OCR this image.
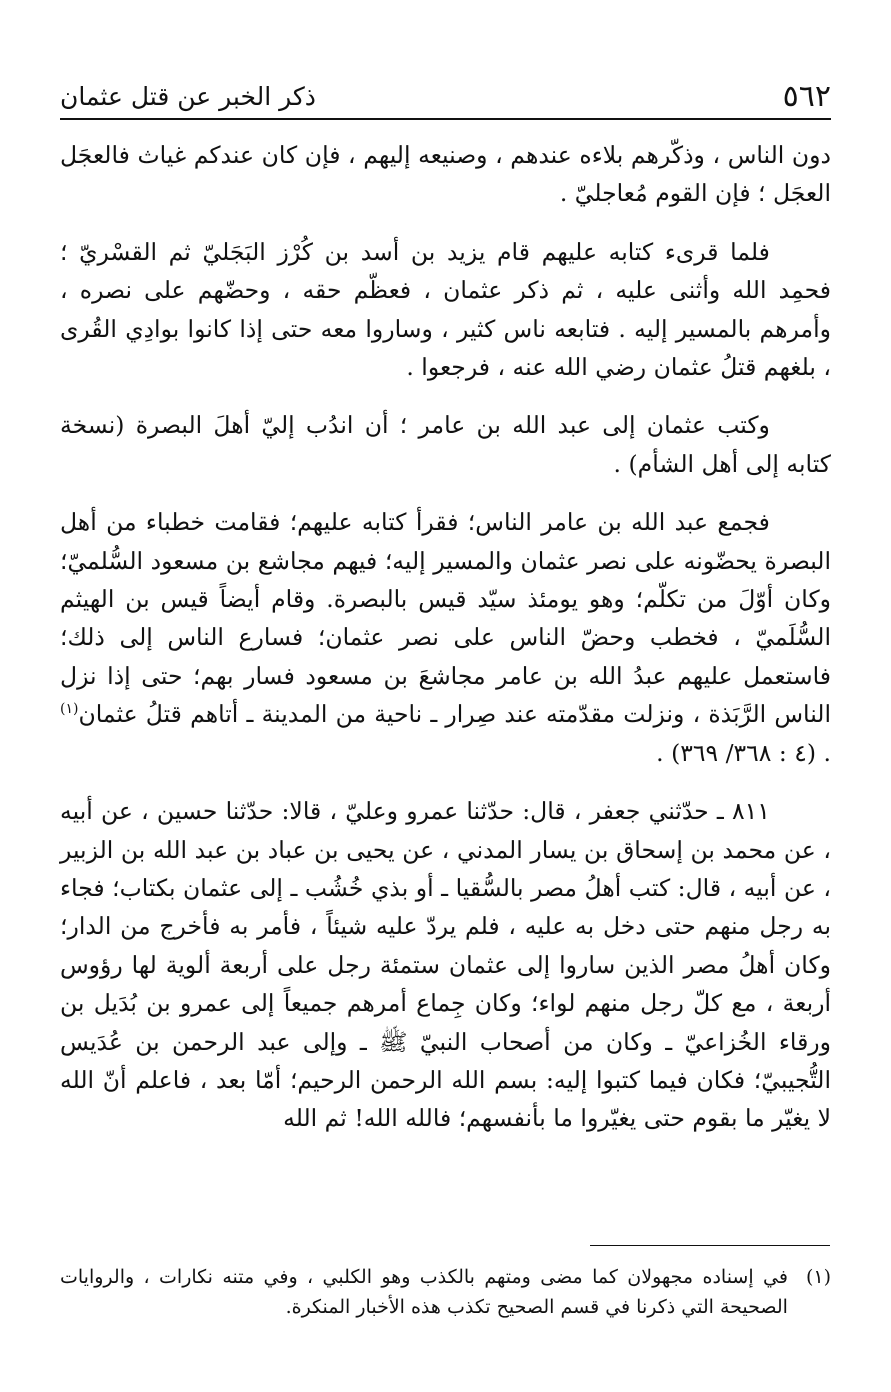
٥٦٢
ذكر الخبر عن قتل عثمان

دون الناس ، وذكّرهم بلاءه عندهم ، وصنيعه إليهم ، فإن كان عندكم غياث فالعجَل العجَل ؛ فإن القوم مُعاجليّ .

فلما قرىء كتابه عليهم قام يزيد بن أسد بن كُرْز البَجَليّ ثم القسْريّ ؛ فحمِد الله وأثنى عليه ، ثم ذكر عثمان ، فعظّم حقه ، وحضّهم على نصره ، وأمرهم بالمسير إليه . فتابعه ناس كثير ، وساروا معه حتى إذا كانوا بوادِي القُرى ، بلغهم قتلُ عثمان رضي الله عنه ، فرجعوا .

وكتب عثمان إلى عبد الله بن عامر ؛ أن اندُب إليّ أهلَ البصرة (نسخة كتابه إلى أهل الشأم) .

فجمع عبد الله بن عامر الناس؛ فقرأ كتابه عليهم؛ فقامت خطباء من أهل البصرة يحضّونه على نصر عثمان والمسير إليه؛ فيهم مجاشع بن مسعود السُّلميّ؛ وكان أوّلَ من تكلّم؛ وهو يومئذ سيّد قيس بالبصرة. وقام أيضاً قيس بن الهيثم السُّلَميّ ، فخطب وحضّ الناس على نصر عثمان؛ فسارع الناس إلى ذلك؛ فاستعمل عليهم عبدُ الله بن عامر مجاشعَ بن مسعود فسار بهم؛ حتى إذا نزل الناس الرَّبَذة ، ونزلت مقدّمته عند صِرار ـ ناحية من المدينة ـ أتاهم قتلُ عثمان$^{(١)}$ . (٤ : ٣٦٨/ ٣٦٩) .

٨١١ ـ حدّثني جعفر ، قال: حدّثنا عمرو وعليّ ، قالا: حدّثنا حسين ، عن أبيه ، عن محمد بن إسحاق بن يسار المدني ، عن يحيى بن عباد بن عبد الله بن الزبير ، عن أبيه ، قال: كتب أهلُ مصر بالسُّقيا ـ أو بذي خُشُب ـ إلى عثمان بكتاب؛ فجاء به رجل منهم حتى دخل به عليه ، فلم يردّ عليه شيئاً ، فأمر به فأخرج من الدار؛ وكان أهلُ مصر الذين ساروا إلى عثمان ستمئة رجل على أربعة ألوية لها رؤوس أربعة ، مع كلّ رجل منهم لواء؛ وكان جِماع أمرهم جميعاً إلى عمرو بن بُدَيل بن ورقاء الخُزاعيّ ـ وكان من أصحاب النبيّ ﷺ ـ وإلى عبد الرحمن بن عُدَيس التُّجيبيّ؛ فكان فيما كتبوا إليه: بسم الله الرحمن الرحيم؛ أمّا بعد ، فاعلم أنّ الله لا يغيّر ما بقوم حتى يغيّروا ما بأنفسهم؛ فالله الله! ثم الله

(١)
في إسناده مجهولان كما مضى ومتهم بالكذب وهو الكلبي ، وفي متنه نكارات ، والروايات الصحيحة التي ذكرنا في قسم الصحيح تكذب هذه الأخبار المنكرة.
